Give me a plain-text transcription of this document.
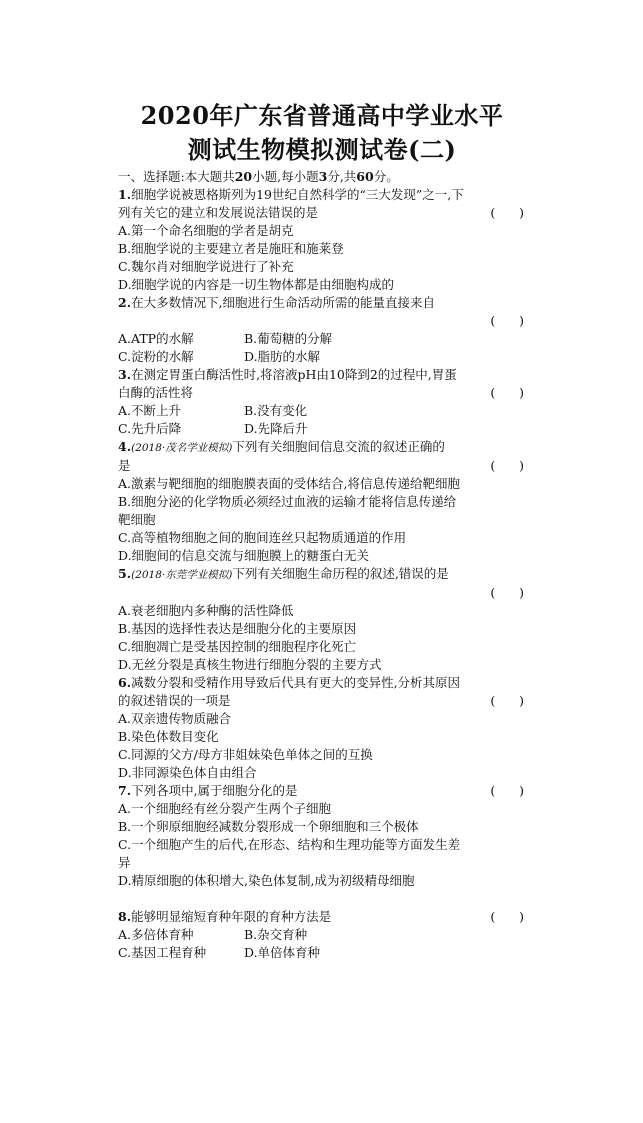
2020年广东省普通高中学业水平
测试生物模拟测试卷(二)
一、选择题:本大题共20小题,每小题3分,共60分。
1.细胞学说被恩格斯列为19世纪自然科学的“三大发现”之一,下
列有关它的建立和发展说法错误的是	(      )
A.第一个命名细胞的学者是胡克
B.细胞学说的主要建立者是施旺和施莱登
C.魏尔肖对细胞学说进行了补充
D.细胞学说的内容是一切生物体都是由细胞构成的
2.在大多数情况下,细胞进行生命活动所需的能量直接来自
(      )
A.ATP的水解	B.葡萄糖的分解
C.淀粉的水解	D.脂肪的水解
3.在测定胃蛋白酶活性时,将溶液pH由10降到2的过程中,胃蛋
白酶的活性将	(      )
A.不断上升	B.没有变化
C.先升后降	D.先降后升
4.(2018·茂名学业模拟)下列有关细胞间信息交流的叙述正确的
是	(      )
A.激素与靶细胞的细胞膜表面的受体结合,将信息传递给靶细胞
B.细胞分泌的化学物质必须经过血液的运输才能将信息传递给
靶细胞
C.高等植物细胞之间的胞间连丝只起物质通道的作用
D.细胞间的信息交流与细胞膜上的糖蛋白无关
5.(2018·东莞学业模拟)下列有关细胞生命历程的叙述,错误的是
(      )
A.衰老细胞内多种酶的活性降低
B.基因的选择性表达是细胞分化的主要原因
C.细胞凋亡是受基因控制的细胞程序化死亡
D.无丝分裂是真核生物进行细胞分裂的主要方式
6.减数分裂和受精作用导致后代具有更大的变异性,分析其原因
的叙述错误的一项是	(      )
A.双亲遗传物质融合
B.染色体数目变化
C.同源的父方/母方非姐妹染色单体之间的互换
D.非同源染色体自由组合
7.下列各项中,属于细胞分化的是	(      )
A.一个细胞经有丝分裂产生两个子细胞
B.一个卵原细胞经减数分裂形成一个卵细胞和三个极体
C.一个细胞产生的后代,在形态、结构和生理功能等方面发生差
异
D.精原细胞的体积增大,染色体复制,成为初级精母细胞
8.能够明显缩短育种年限的育种方法是	(      )
A.多倍体育种	B.杂交育种
C.基因工程育种	D.单倍体育种
